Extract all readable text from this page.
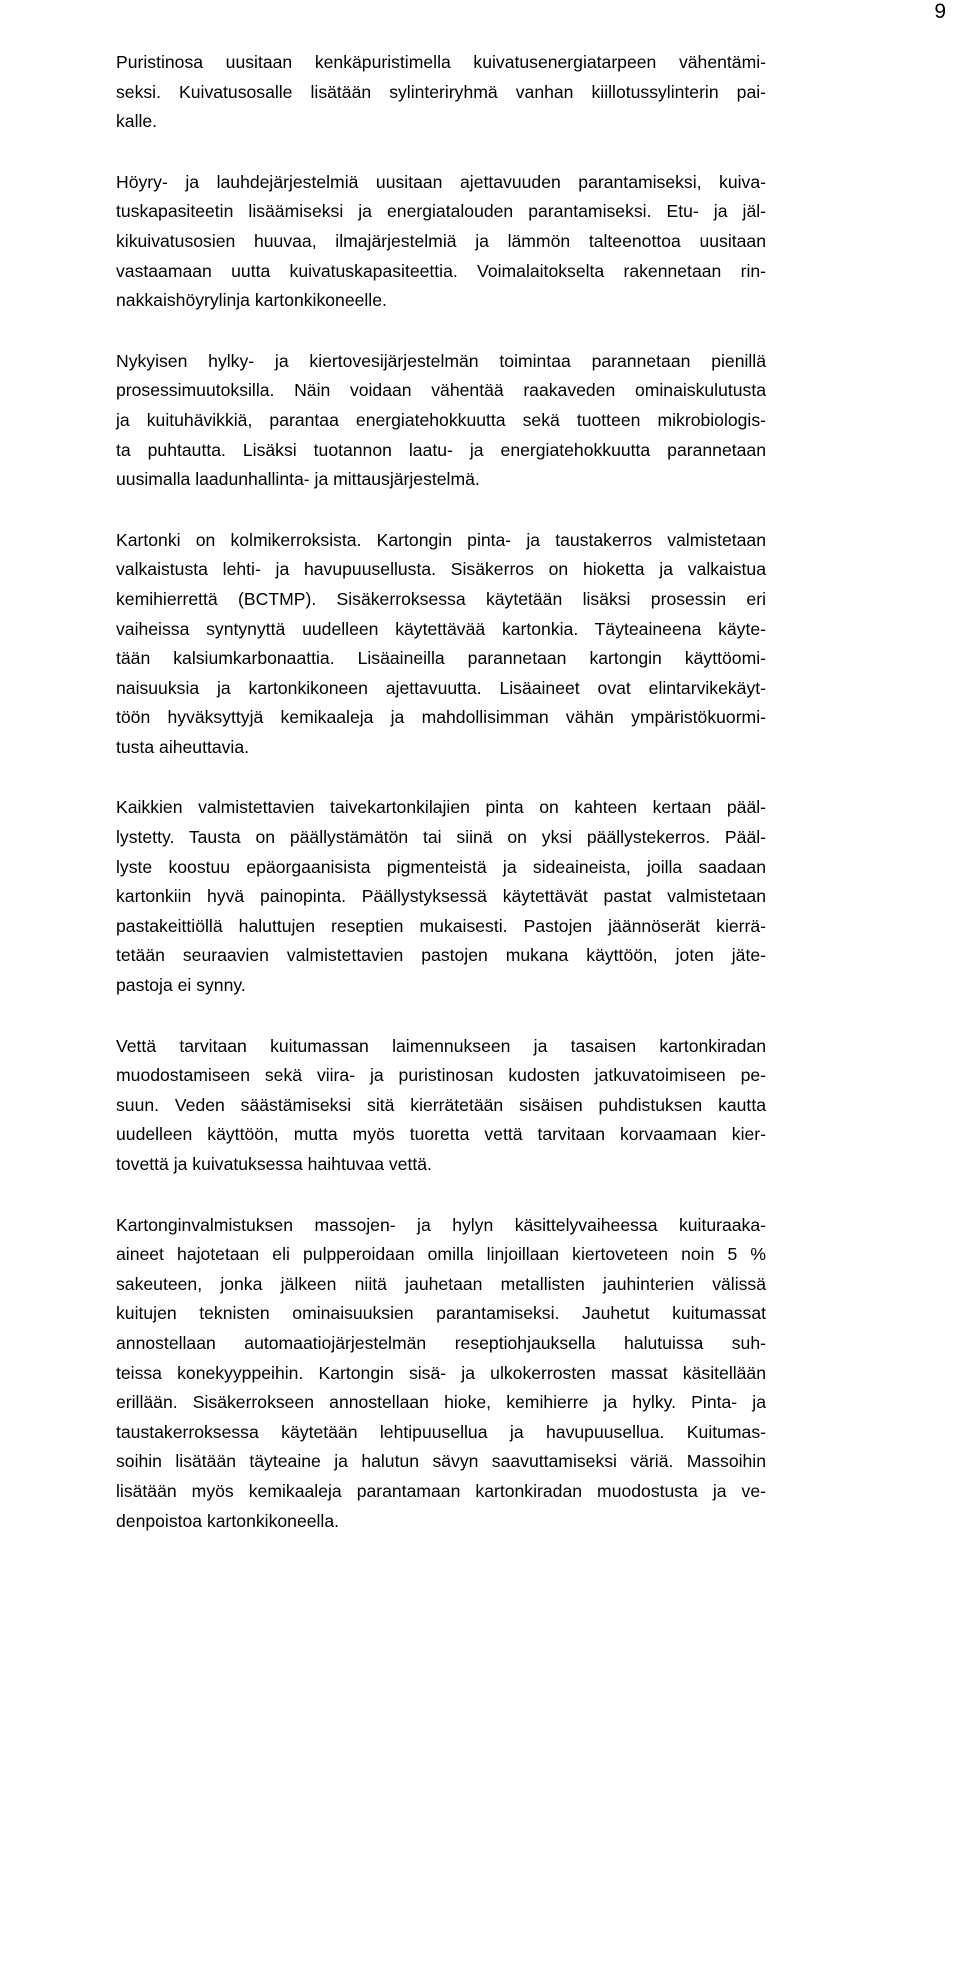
9

Puristinosa uusitaan kenkäpuristimella kuivatusenergiatarpeen vähentämi-
seksi. Kuivatusosalle lisätään sylinteriryhmä vanhan kiillotussylinterin pai-
kalle.

Höyry- ja lauhdejärjestelmiä uusitaan ajettavuuden parantamiseksi, kuiva-
tuskapasiteetin lisäämiseksi ja energiatalouden parantamiseksi. Etu- ja jäl-
kikuivatusosien huuvaa, ilmajärjestelmiä ja lämmön talteenottoa uusitaan
vastaamaan uutta kuivatuskapasiteettia. Voimalaitokselta rakennetaan rin-
nakkaishöyrylinja kartonkikoneelle.

Nykyisen hylky- ja kiertovesijärjestelmän toimintaa parannetaan pienillä
prosessimuutoksilla. Näin voidaan vähentää raakaveden ominaiskulutusta
ja kuituhävikkiä, parantaa energiatehokkuutta sekä tuotteen mikrobiologis-
ta puhtautta. Lisäksi tuotannon laatu- ja energiatehokkuutta parannetaan
uusimalla laadunhallinta- ja mittausjärjestelmä.

Kartonki on kolmikerroksista. Kartongin pinta- ja taustakerros valmistetaan
valkaistusta lehti- ja havupuusellusta. Sisäkerros on hioketta ja valkaistua
kemihierrettä (BCTMP). Sisäkerroksessa käytetään lisäksi prosessin eri
vaiheissa syntynyttä uudelleen käytettävää kartonkia. Täyteaineena käyte-
tään kalsiumkarbonaattia. Lisäaineilla parannetaan kartongin käyttöomi-
naisuuksia ja kartonkikoneen ajettavuutta. Lisäaineet ovat elintarvikekäyt-
töön hyväksyttyjä kemikaaleja ja mahdollisimman vähän ympäristökuormi-
tusta aiheuttavia.

Kaikkien valmistettavien taivekartonkilajien pinta on kahteen kertaan pääl-
lystetty. Tausta on päällystämätön tai siinä on yksi päällystekerros. Pääl-
lyste koostuu epäorgaanisista pigmenteistä ja sideaineista, joilla saadaan
kartonkiin hyvä painopinta. Päällystyksessä käytettävät pastat valmistetaan
pastakeittiöllä haluttujen reseptien mukaisesti. Pastojen jäännöserät kierrä-
tetään seuraavien valmistettavien pastojen mukana käyttöön, joten jäte-
pastoja ei synny.

Vettä tarvitaan kuitumassan laimennukseen ja tasaisen kartonkiradan
muodostamiseen sekä viira- ja puristinosan kudosten jatkuvatoimiseen pe-
suun. Veden säästämiseksi sitä kierrätetään sisäisen puhdistuksen kautta
uudelleen käyttöön, mutta myös tuoretta vettä tarvitaan korvaamaan kier-
tovettä ja kuivatuksessa haihtuvaa vettä.

Kartonginvalmistuksen massojen- ja hylyn käsittelyvaiheessa kuituraaka-
aineet hajotetaan eli pulpperoidaan omilla linjoillaan kiertoveteen noin 5 %
sakeuteen, jonka jälkeen niitä jauhetaan metallisten jauhinterien välissä
kuitujen teknisten ominaisuuksien parantamiseksi. Jauhetut kuitumassat
annostellaan automaatiojärjestelmän reseptiohjauksella halutuissa suh-
teissa konekyyppeihin. Kartongin sisä- ja ulkokerrosten massat käsitellään
erillään. Sisäkerrokseen annostellaan hioke, kemihierre ja hylky. Pinta- ja
taustakerroksessa käytetään lehtipuusellua ja havupuusellua. Kuitumas-
soihin lisätään täyteaine ja halutun sävyn saavuttamiseksi väriä. Massoihin
lisätään myös kemikaaleja parantamaan kartonkiradan muodostusta ja ve-
denpoistoa kartonkikoneella.
